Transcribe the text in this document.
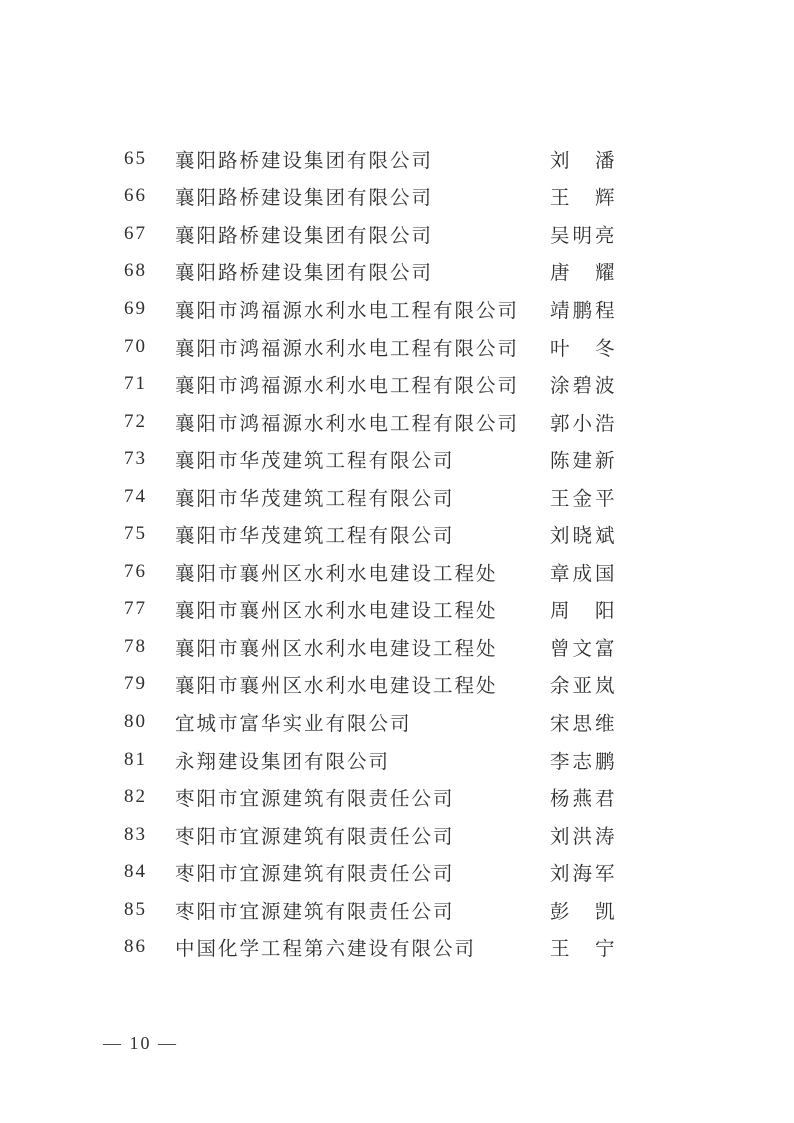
65	襄阳路桥建设集团有限公司	刘　潘
66	襄阳路桥建设集团有限公司	王　辉
67	襄阳路桥建设集团有限公司	吴明亮
68	襄阳路桥建设集团有限公司	唐　耀
69	襄阳市鸿福源水利水电工程有限公司	靖鹏程
70	襄阳市鸿福源水利水电工程有限公司	叶　冬
71	襄阳市鸿福源水利水电工程有限公司	涂碧波
72	襄阳市鸿福源水利水电工程有限公司	郭小浩
73	襄阳市华茂建筑工程有限公司	陈建新
74	襄阳市华茂建筑工程有限公司	王金平
75	襄阳市华茂建筑工程有限公司	刘晓斌
76	襄阳市襄州区水利水电建设工程处	章成国
77	襄阳市襄州区水利水电建设工程处	周　阳
78	襄阳市襄州区水利水电建设工程处	曾文富
79	襄阳市襄州区水利水电建设工程处	余亚岚
80	宜城市富华实业有限公司	宋思维
81	永翔建设集团有限公司	李志鹏
82	枣阳市宜源建筑有限责任公司	杨燕君
83	枣阳市宜源建筑有限责任公司	刘洪涛
84	枣阳市宜源建筑有限责任公司	刘海军
85	枣阳市宜源建筑有限责任公司	彭　凯
86	中国化学工程第六建设有限公司	王　宁
— 10 —
